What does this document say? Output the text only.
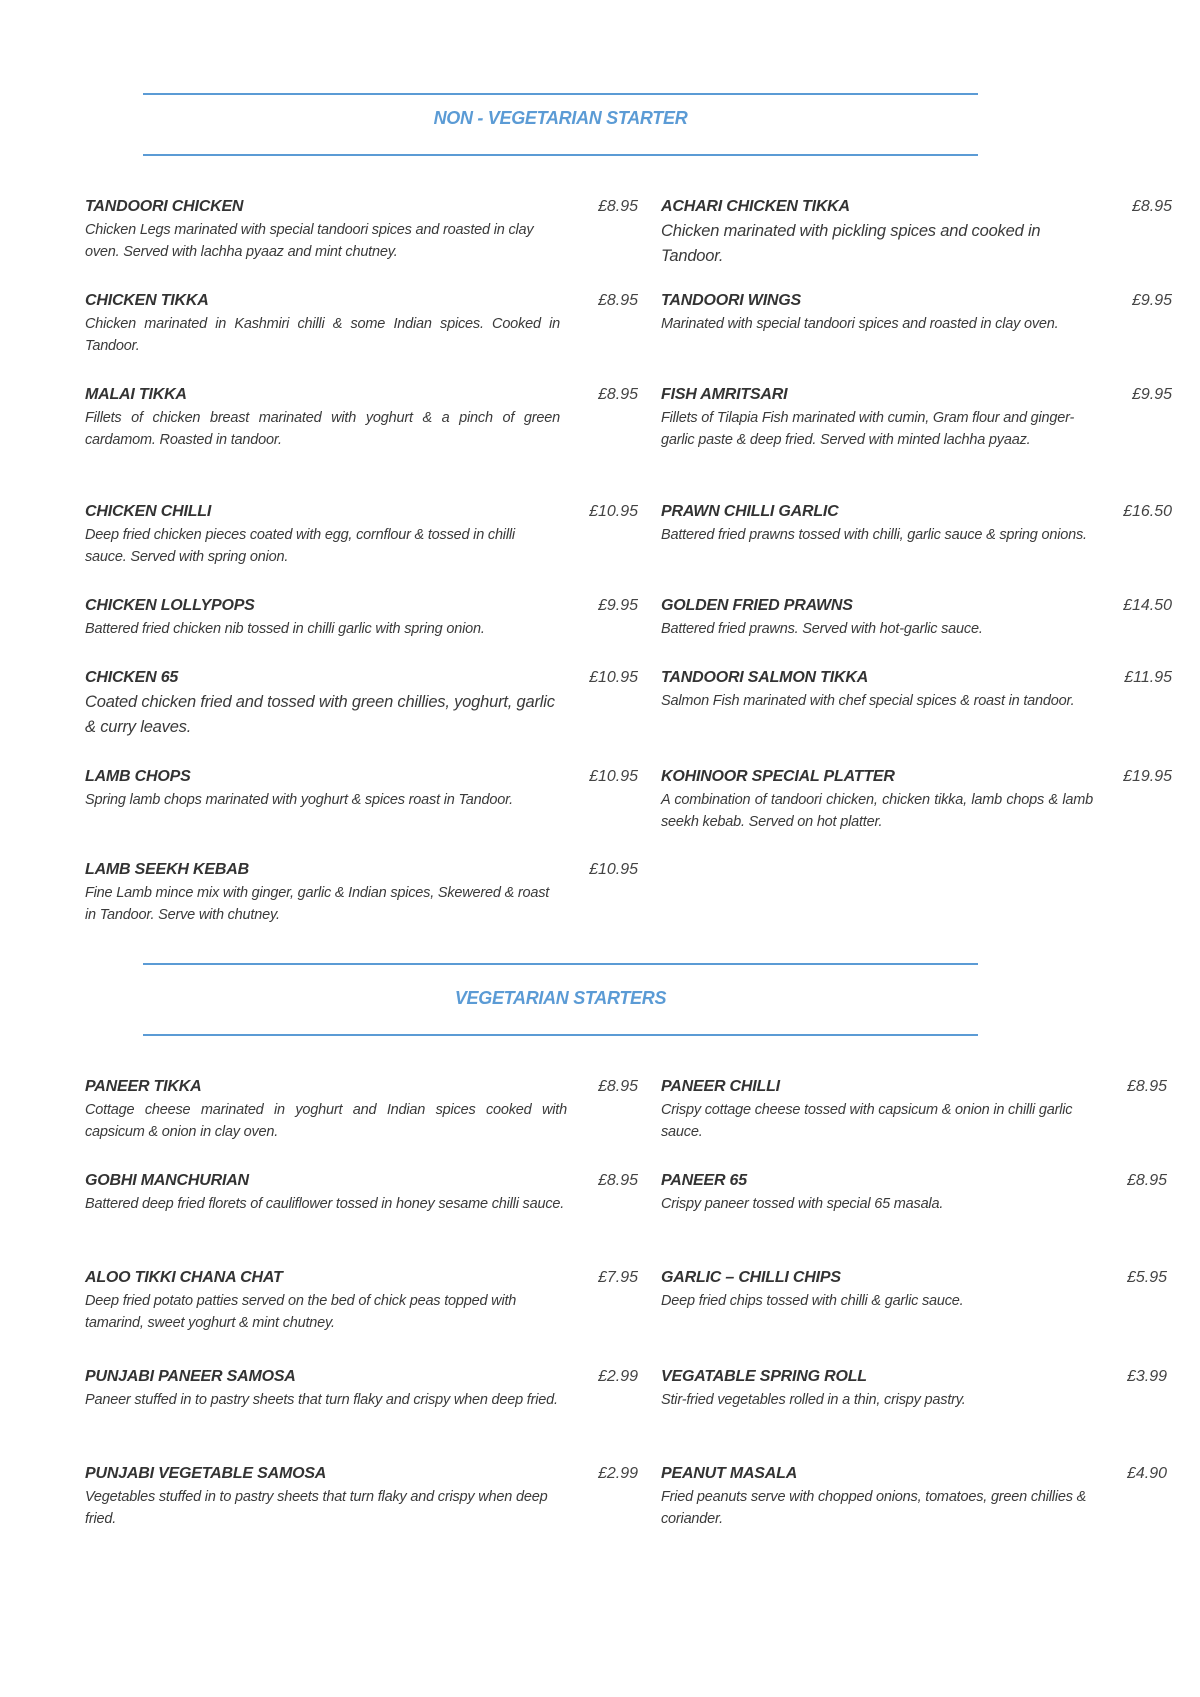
NON - VEGETARIAN STARTER
VEGETARIAN STARTERS
TANDOORI CHICKEN
Chicken Legs marinated with special tandoori spices and roasted in clay oven. Served with lachha pyaaz and mint chutney.
£8.95
CHICKEN TIKKA
Chicken marinated in Kashmiri chilli & some Indian spices. Cooked in Tandoor.
£8.95
MALAI TIKKA
Fillets of chicken breast marinated with yoghurt & a pinch of green cardamom. Roasted in tandoor.
£8.95
CHICKEN CHILLI
Deep fried chicken pieces coated with egg, cornflour & tossed in chilli sauce. Served with spring onion.
£10.95
CHICKEN LOLLYPOPS
Battered fried chicken nib tossed in chilli garlic with spring onion.
£9.95
CHICKEN 65
Coated chicken fried and tossed with green chillies, yoghurt, garlic & curry leaves.
£10.95
LAMB CHOPS
Spring lamb chops marinated with yoghurt & spices roast in Tandoor.
£10.95
LAMB SEEKH KEBAB
Fine Lamb mince mix with ginger, garlic & Indian spices, Skewered & roast in Tandoor. Serve with chutney.
£10.95
ACHARI CHICKEN TIKKA
Chicken marinated with pickling spices and cooked in Tandoor.
£8.95
TANDOORI WINGS
Marinated with special tandoori spices and roasted in clay oven.
£9.95
FISH AMRITSARI
Fillets of Tilapia Fish marinated with cumin, Gram flour and ginger-garlic paste & deep fried. Served with minted lachha pyaaz.
£9.95
PRAWN CHILLI GARLIC
Battered fried prawns tossed with chilli, garlic sauce & spring onions.
£16.50
GOLDEN FRIED PRAWNS
Battered fried prawns. Served with hot-garlic sauce.
£14.50
TANDOORI SALMON TIKKA
Salmon Fish marinated with chef special spices & roast in tandoor.
£11.95
KOHINOOR SPECIAL PLATTER
A combination of tandoori chicken, chicken tikka, lamb chops & lamb seekh kebab. Served on hot platter.
£19.95
PANEER TIKKA
Cottage cheese marinated in yoghurt and Indian spices cooked with capsicum & onion in clay oven.
£8.95
GOBHI MANCHURIAN
Battered deep fried florets of cauliflower tossed in honey sesame chilli sauce.
£8.95
ALOO TIKKI CHANA CHAT
Deep fried potato patties served on the bed of chick peas topped with tamarind, sweet yoghurt & mint chutney.
£7.95
PUNJABI PANEER SAMOSA
Paneer stuffed in to pastry sheets that turn flaky and crispy when deep fried.
£2.99
PUNJABI VEGETABLE SAMOSA
Vegetables stuffed in to pastry sheets that turn flaky and crispy when deep fried.
£2.99
PANEER CHILLI
Crispy cottage cheese tossed with capsicum & onion in chilli garlic sauce.
£8.95
PANEER 65
Crispy paneer tossed with special 65 masala.
£8.95
GARLIC – CHILLI CHIPS
Deep fried chips tossed with chilli & garlic sauce.
£5.95
VEGATABLE SPRING ROLL
Stir-fried vegetables rolled in a thin, crispy pastry.
£3.99
PEANUT MASALA
Fried peanuts serve with chopped onions, tomatoes, green chillies & coriander.
£4.90
